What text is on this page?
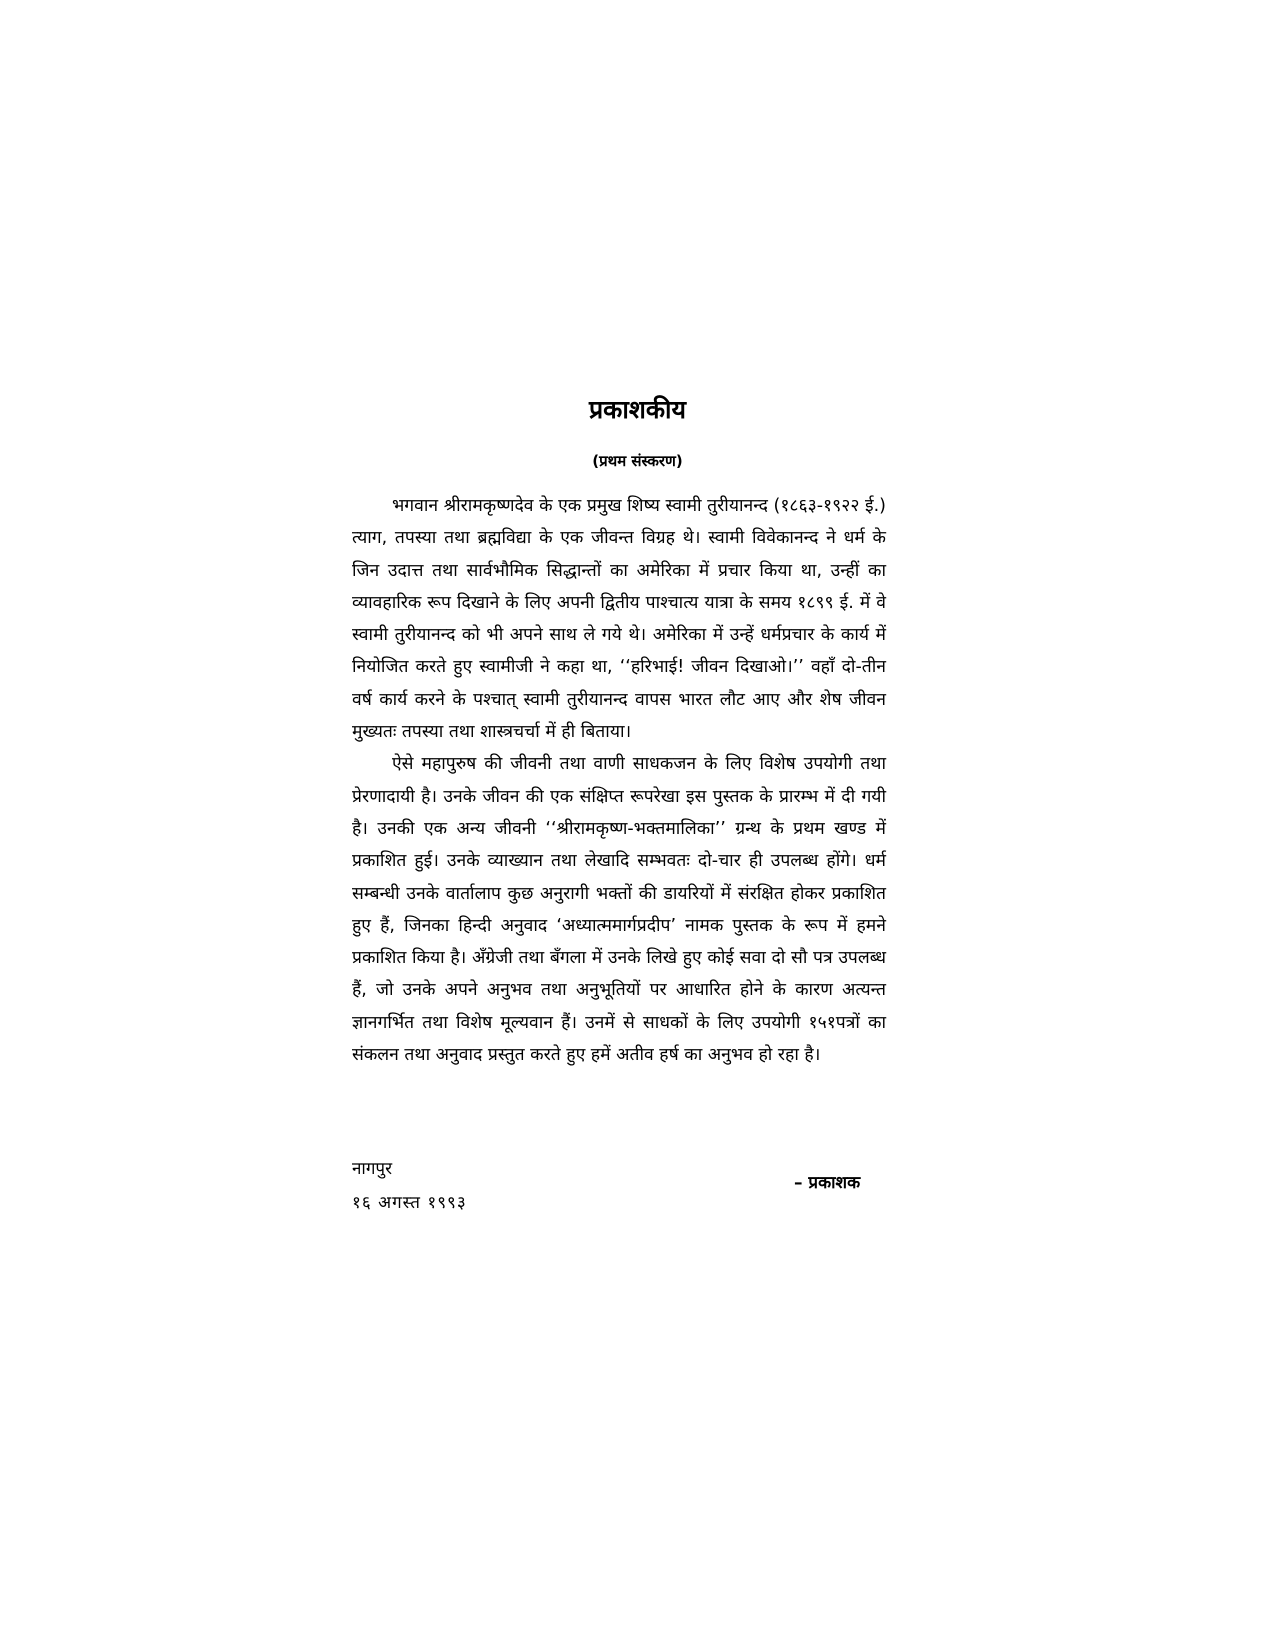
प्रकाशकीय
(प्रथम संस्करण)

भगवान श्रीरामकृष्णदेव के एक प्रमुख शिष्य स्वामी तुरीयानन्द (१८६३-१९२२ ई.) त्याग, तपस्या तथा ब्रह्मविद्या के एक जीवन्त विग्रह थे। स्वामी विवेकानन्द ने धर्म के जिन उदात्त तथा सार्वभौमिक सिद्धान्तों का अमेरिका में प्रचार किया था, उन्हीं का व्यावहारिक रूप दिखाने के लिए अपनी द्वितीय पाश्चात्य यात्रा के समय १८९९ ई. में वे स्वामी तुरीयानन्द को भी अपने साथ ले गये थे। अमेरिका में उन्हें धर्मप्रचार के कार्य में नियोजित करते हुए स्वामीजी ने कहा था, ‘‘हरिभाई! जीवन दिखाओ।’’ वहाँ दो-तीन वर्ष कार्य करने के पश्चात् स्वामी तुरीयानन्द वापस भारत लौट आए और शेष जीवन मुख्यतः तपस्या तथा शास्त्रचर्चा में ही बिताया।

ऐसे महापुरुष की जीवनी तथा वाणी साधकजन के लिए विशेष उपयोगी तथा प्रेरणादायी है। उनके जीवन की एक संक्षिप्त रूपरेखा इस पुस्तक के प्रारम्भ में दी गयी है। उनकी एक अन्य जीवनी ‘‘श्रीरामकृष्ण-भक्तमालिका’’ ग्रन्थ के प्रथम खण्ड में प्रकाशित हुई। उनके व्याख्यान तथा लेखादि सम्भवतः दो-चार ही उपलब्ध होंगे। धर्म सम्बन्धी उनके वार्तालाप कुछ अनुरागी भक्तों की डायरियों में संरक्षित होकर प्रकाशित हुए हैं, जिनका हिन्दी अनुवाद ‘अध्यात्ममार्गप्रदीप’ नामक पुस्तक के रूप में हमने प्रकाशित किया है। अँग्रेजी तथा बँगला में उनके लिखे हुए कोई सवा दो सौ पत्र उपलब्ध हैं, जो उनके अपने अनुभव तथा अनुभूतियों पर आधारित होने के कारण अत्यन्त ज्ञानगर्भित तथा विशेष मूल्यवान हैं। उनमें से साधकों के लिए उपयोगी १५१पत्रों का संकलन तथा अनुवाद प्रस्तुत करते हुए हमें अतीव हर्ष का अनुभव हो रहा है।

नागपुर
१६ अगस्त १९९३
– प्रकाशक
